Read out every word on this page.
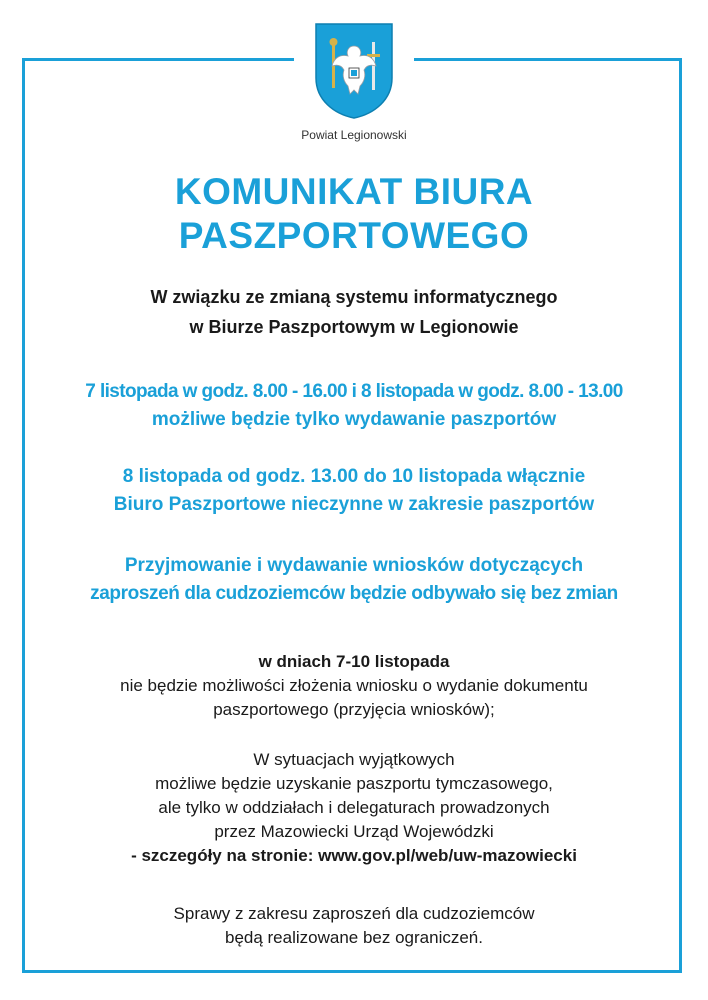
Powiat Legionowski
KOMUNIKAT BIURA
PASZPORTOWEGO
W związku ze zmianą systemu informatycznego
w Biurze Paszportowym w Legionowie
7 listopada w godz. 8.00 - 16.00 i 8 listopada w godz. 8.00 - 13.00
możliwe będzie tylko wydawanie paszportów
8 listopada od godz. 13.00 do 10 listopada włącznie
Biuro Paszportowe nieczynne w zakresie paszportów
Przyjmowanie i wydawanie wniosków dotyczących
zaproszeń dla cudzoziemców będzie odbywało się bez zmian
w dniach 7-10 listopada
nie będzie możliwości złożenia wniosku o wydanie dokumentu
paszportowego (przyjęcia wniosków);
W sytuacjach wyjątkowych
możliwe będzie uzyskanie paszportu tymczasowego,
ale tylko w oddziałach i delegaturach prowadzonych
przez Mazowiecki Urząd Wojewódzki
- szczegóły na stronie: www.gov.pl/web/uw-mazowiecki
Sprawy z zakresu zaproszeń dla cudzoziemców
będą realizowane bez ograniczeń.
